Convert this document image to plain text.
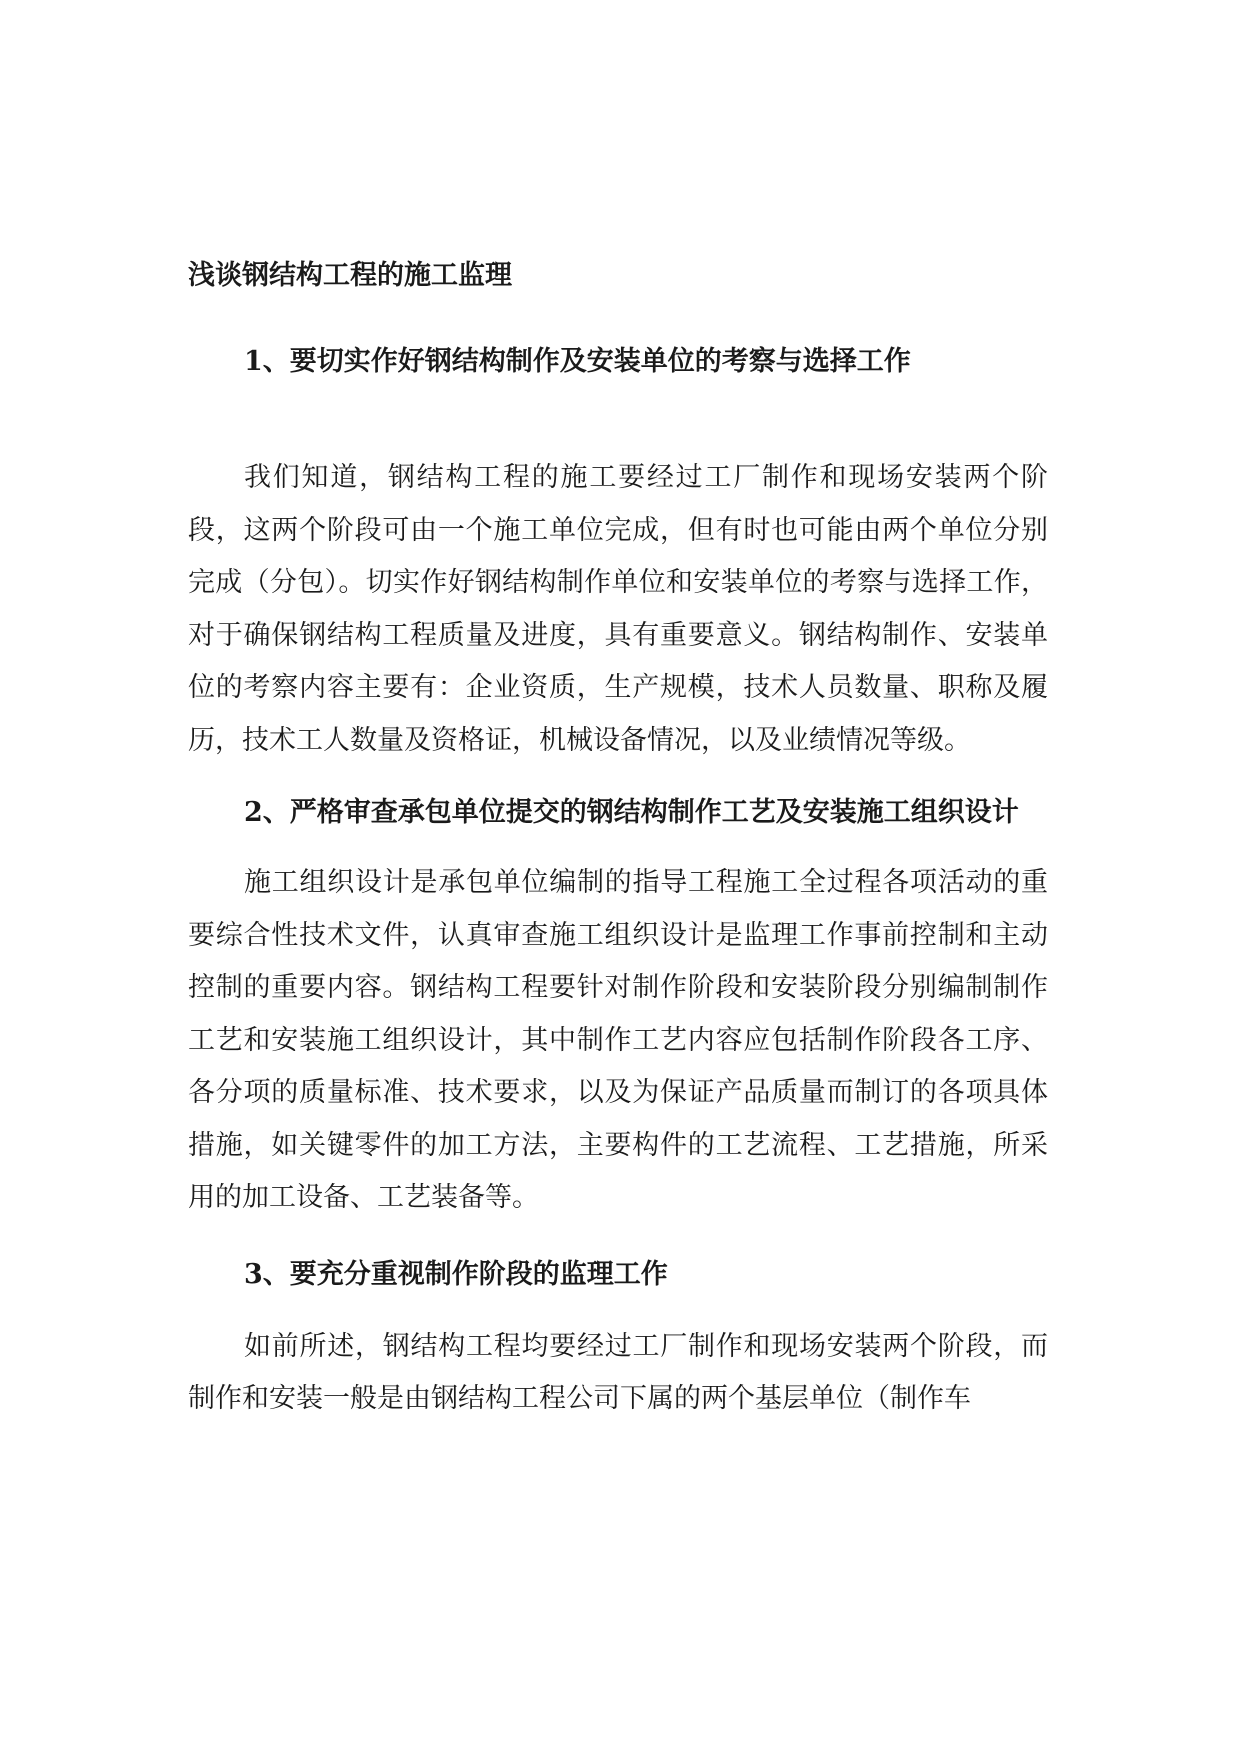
浅谈钢结构工程的施工监理
1、要切实作好钢结构制作及安装单位的考察与选择工作

我们知道，钢结构工程的施工要经过工厂制作和现场安装两个阶段，这两个阶段可由一个施工单位完成，但有时也可能由两个单位分别完成（分包）。切实作好钢结构制作单位和安装单位的考察与选择工作，对于确保钢结构工程质量及进度，具有重要意义。钢结构制作、安装单位的考察内容主要有：企业资质，生产规模，技术人员数量、职称及履历，技术工人数量及资格证，机械设备情况，以及业绩情况等级。

2、严格审查承包单位提交的钢结构制作工艺及安装施工组织设计

施工组织设计是承包单位编制的指导工程施工全过程各项活动的重要综合性技术文件，认真审查施工组织设计是监理工作事前控制和主动控制的重要内容。钢结构工程要针对制作阶段和安装阶段分别编制制作工艺和安装施工组织设计，其中制作工艺内容应包括制作阶段各工序、各分项的质量标准、技术要求，以及为保证产品质量而制订的各项具体措施，如关键零件的加工方法，主要构件的工艺流程、工艺措施，所采用的加工设备、工艺装备等。

3、要充分重视制作阶段的监理工作

如前所述，钢结构工程均要经过工厂制作和现场安装两个阶段，而制作和安装一般是由钢结构工程公司下属的两个基层单位（制作车
